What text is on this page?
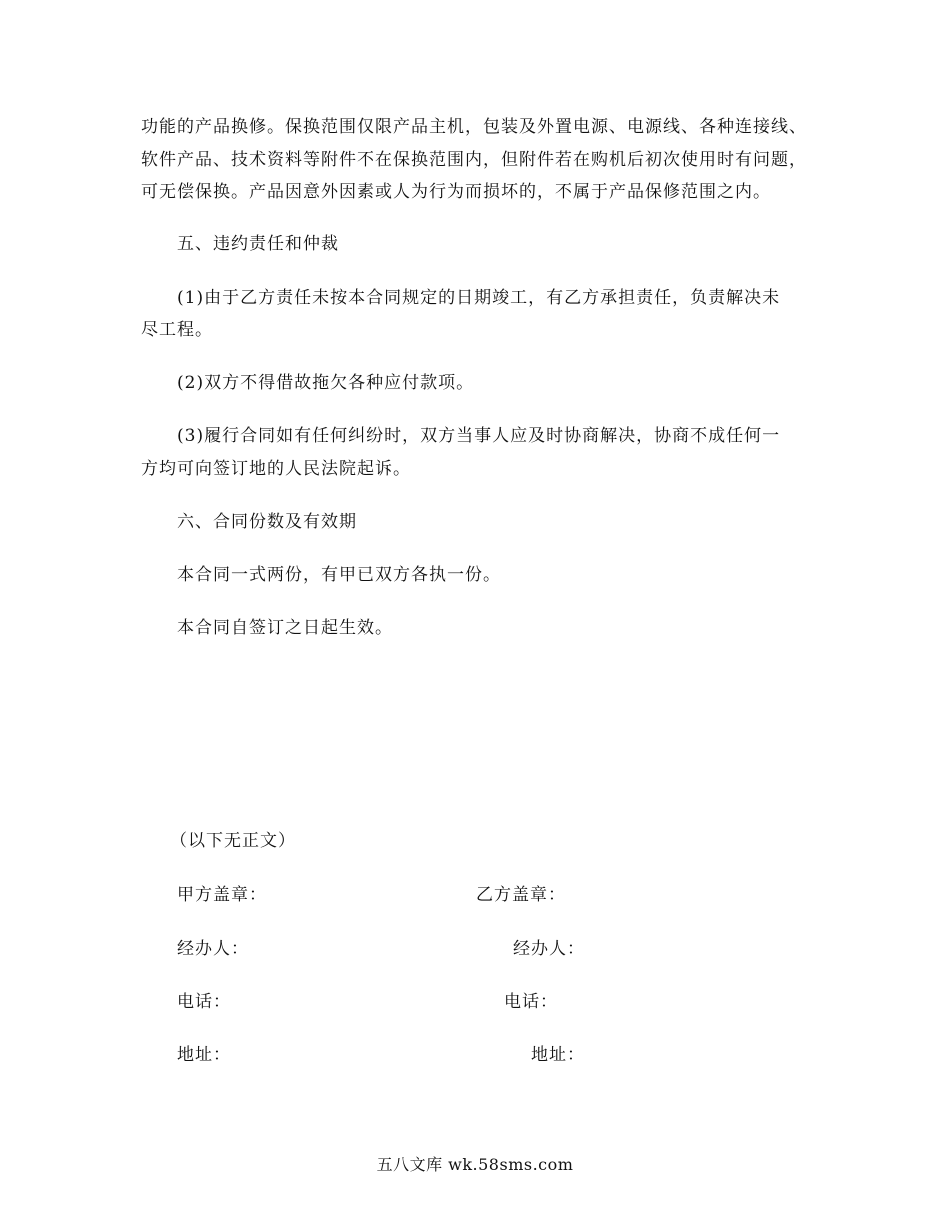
功能的产品换修。保换范围仅限产品主机，包装及外置电源、电源线、各种连接线、
软件产品、技术资料等附件不在保换范围内，但附件若在购机后初次使用时有问题，
可无偿保换。产品因意外因素或人为行为而损坏的，不属于产品保修范围之内。
五、违约责任和仲裁
(1)由于乙方责任未按本合同规定的日期竣工，有乙方承担责任，负责解决未
尽工程。
(2)双方不得借故拖欠各种应付款项。
(3)履行合同如有任何纠纷时，双方当事人应及时协商解决，协商不成任何一
方均可向签订地的人民法院起诉。
六、合同份数及有效期
本合同一式两份，有甲已双方各执一份。
本合同自签订之日起生效。
（以下无正文）
甲方盖章：	乙方盖章：
经办人：	经办人：
电话：	电话：
地址：	地址：
五八文库 wk.58sms.com
